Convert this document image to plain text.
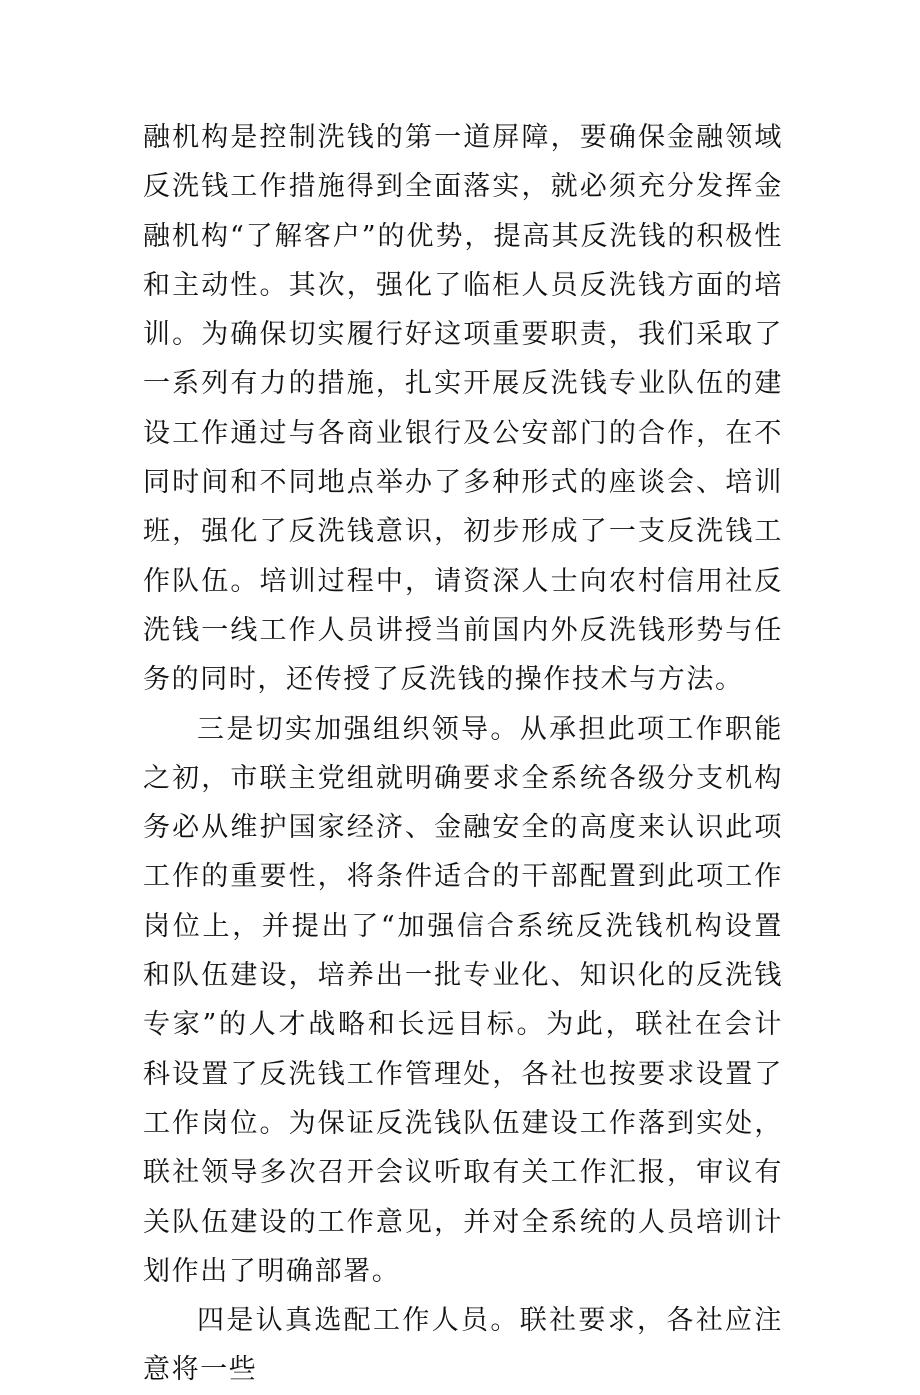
融机构是控制洗钱的第一道屏障，要确保金融领域反洗钱工作措施得到全面落实，就必须充分发挥金融机构“了解客户”的优势，提高其反洗钱的积极性和主动性。其次，强化了临柜人员反洗钱方面的培训。为确保切实履行好这项重要职责，我们采取了一系列有力的措施，扎实开展反洗钱专业队伍的建设工作通过与各商业银行及公安部门的合作，在不同时间和不同地点举办了多种形式的座谈会、培训班，强化了反洗钱意识，初步形成了一支反洗钱工作队伍。培训过程中，请资深人士向农村信用社反洗钱一线工作人员讲授当前国内外反洗钱形势与任务的同时，还传授了反洗钱的操作技术与方法。

三是切实加强组织领导。从承担此项工作职能之初，市联主党组就明确要求全系统各级分支机构务必从维护国家经济、金融安全的高度来认识此项工作的重要性，将条件适合的干部配置到此项工作岗位上，并提出了“加强信合系统反洗钱机构设置和队伍建设，培养出一批专业化、知识化的反洗钱专家”的人才战略和长远目标。为此，联社在会计科设置了反洗钱工作管理处，各社也按要求设置了工作岗位。为保证反洗钱队伍建设工作落到实处，联社领导多次召开会议听取有关工作汇报，审议有关队伍建设的工作意见，并对全系统的人员培训计划作出了明确部署。

四是认真选配工作人员。联社要求，各社应注意将一些
